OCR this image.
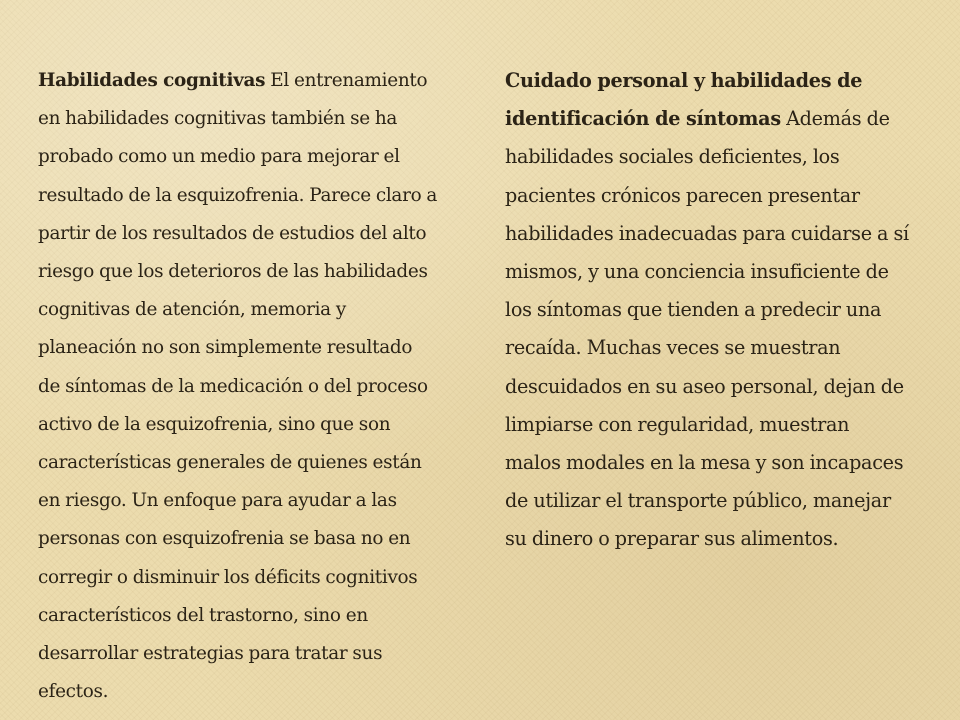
Habilidades cognitivas El entrenamiento en habilidades cognitivas también se ha probado como un medio para mejorar el resultado de la esquizofrenia. Parece claro a partir de los resultados de estudios del alto riesgo que los deterioros de las habilidades cognitivas de atención, memoria y planeación no son simplemente resultado de síntomas de la medicación o del proceso activo de la esquizofrenia, sino que son características generales de quienes están en riesgo. Un enfoque para ayudar a las personas con esquizofrenia se basa no en corregir o disminuir los déficits cognitivos característicos del trastorno, sino en desarrollar estrategias para tratar sus efectos.
Cuidado personal y habilidades de identificación de síntomas Además de habilidades sociales deficientes, los pacientes crónicos parecen presentar habilidades inadecuadas para cuidarse a sí mismos, y una conciencia insuficiente de los síntomas que tienden a predecir una recaída. Muchas veces se muestran descuidados en su aseo personal, dejan de limpiarse con regularidad, muestran malos modales en la mesa y son incapaces de utilizar el transporte público, manejar su dinero o preparar sus alimentos.
